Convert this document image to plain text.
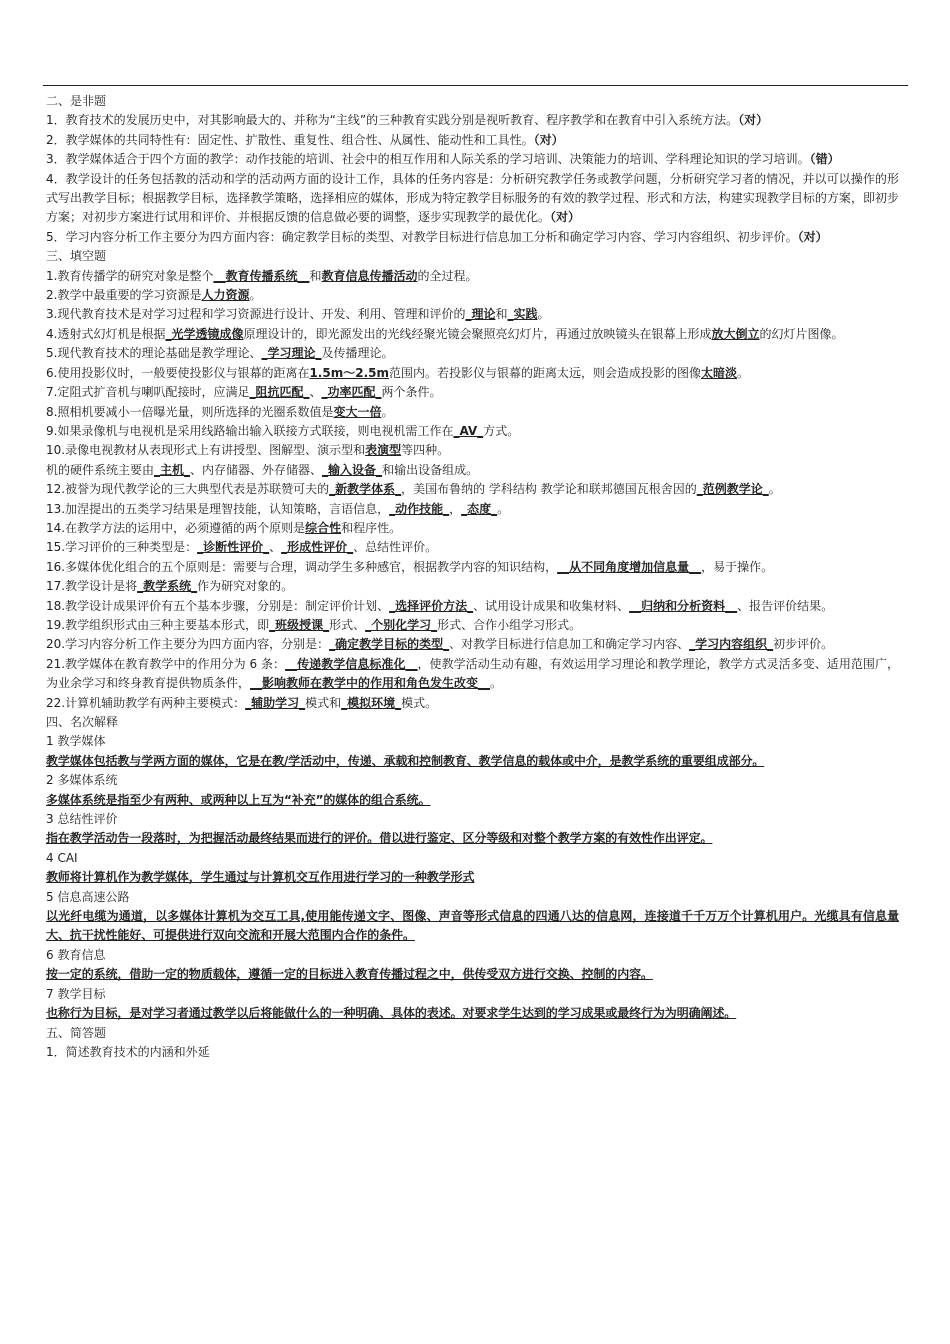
二、是非题
1．教育技术的发展历史中，对其影响最大的、并称为“主线”的三种教育实践分别是视听教育、程序教学和在教育中引入系统方法。（对）
2．教学媒体的共同特性有：固定性、扩散性、重复性、组合性、从属性、能动性和工具性。（对）
3．教学媒体适合于四个方面的教学：动作技能的培训、社会中的相互作用和人际关系的学习培训、决策能力的培训、学科理论知识的学习培训。（错）
4．教学设计的任务包括教的活动和学的活动两方面的设计工作，具体的任务内容是：分析研究教学任务或教学问题，分析研究学习者的情况，并以可以操作的形式写出教学目标；根据教学目标，选择教学策略，选择相应的媒体，形成为特定教学目标服务的有效的教学过程、形式和方法，构建实现教学目标的方案，即初步方案；对初步方案进行试用和评价、并根据反馈的信息做必要的调整，逐步实现教学的最优化。（对）
5．学习内容分析工作主要分为四方面内容：确定教学目标的类型、对教学目标进行信息加工分析和确定学习内容、学习内容组织、初步评价。（对）
三、填空题
1.教育传播学的研究对象是整个__教育传播系统__和教育信息传播活动的全过程。
2.教学中最重要的学习资源是人力资源。
3.现代教育技术是对学习过程和学习资源进行设计、开发、利用、管理和评价的_理论和_实践。
4.透射式幻灯机是根据_光学透镜成像原理设计的，即光源发出的光线经聚光镜会聚照亮幻灯片，再通过放映镜头在银幕上形成放大倒立的幻灯片图像。
5.现代教育技术的理论基础是教学理论、_学习理论_及传播理论。
6.使用投影仪时，一般要使投影仪与银幕的距离在1.5m～2.5m范围内。若投影仪与银幕的距离太远，则会造成投影的图像太暗淡。
7.定阻式扩音机与喇叭配接时，应满足_阻抗匹配_、_功率匹配_两个条件。
8.照相机要减小一倍曝光量，则所选择的光圈系数值是变大一倍。
9.如果录像机与电视机是采用线路输出输入联接方式联接，则电视机需工作在_AV_方式。
10.录像电视教材从表现形式上有讲授型、图解型、演示型和表演型等四种。
机的硬件系统主要由_主机_、内存储器、外存储器、_输入设备_和输出设备组成。
12.被誉为现代教学论的三大典型代表是苏联赞可夫的_新教学体系_，美国布鲁纳的 学科结构 教学论和联邦德国瓦根舍因的_范例教学论_。
13.加涅提出的五类学习结果是理智技能，认知策略，言语信息，_动作技能_，_态度_。
14.在教学方法的运用中，必须遵循的两个原则是综合性和程序性。
15.学习评价的三种类型是：_诊断性评价_、_形成性评价_、总结性评价。
16.多媒体优化组合的五个原则是：需要与合理，调动学生多种感官，根据教学内容的知识结构，__从不同角度增加信息量__，易于操作。
17.教学设计是将_教学系统_作为研究对象的。
18.教学设计成果评价有五个基本步骤，分别是：制定评价计划、_选择评价方法_、试用设计成果和收集材料、__归纳和分析资料__、报告评价结果。
19.教学组织形式由三种主要基本形式，即_班级授课_形式、_个别化学习_形式、合作小组学习形式。
20.学习内容分析工作主要分为四方面内容，分别是：_确定教学目标的类型_、对教学目标进行信息加工和确定学习内容、_学习内容组织_初步评价。
21.教学媒体在教育教学中的作用分为 6 条：__传递教学信息标准化__，使教学活动生动有趣，有效运用学习理论和教学理论，教学方式灵活多变、适用范围广，为业余学习和终身教育提供物质条件，__影响教师在教学中的作用和角色发生改变__。
22.计算机辅助教学有两种主要模式：_辅助学习_模式和_模拟环境_模式。
四、名次解释
1 教学媒体
教学媒体包括教与学两方面的媒体，它是在教/学活动中，传递、承载和控制教育、教学信息的载体或中介，是教学系统的重要组成部分。
2 多媒体系统
多媒体系统是指至少有两种、或两种以上互为“补充”的媒体的组合系统。
3 总结性评价
指在教学活动告一段落时，为把握活动最终结果而进行的评价。借以进行鉴定、区分等级和对整个教学方案的有效性作出评定。
4 CAI
教师将计算机作为教学媒体，学生通过与计算机交互作用进行学习的一种教学形式
5 信息高速公路
以光纤电缆为通道，以多媒体计算机为交互工具,使用能传递文字、图像、声音等形式信息的四通八达的信息网，连接道千千万万个计算机用户。光缆具有信息量大、抗干扰性能好、可提供进行双向交流和开展大范围内合作的条件。
6 教育信息
按一定的系统，借助一定的物质载体，遵循一定的目标进入教育传播过程之中，供传受双方进行交换、控制的内容。
7 教学目标
也称行为目标，是对学习者通过教学以后将能做什么的一种明确、具体的表述。对要求学生达到的学习成果或最终行为为明确阐述。
五、简答题
1．简述教育技术的内涵和外延
